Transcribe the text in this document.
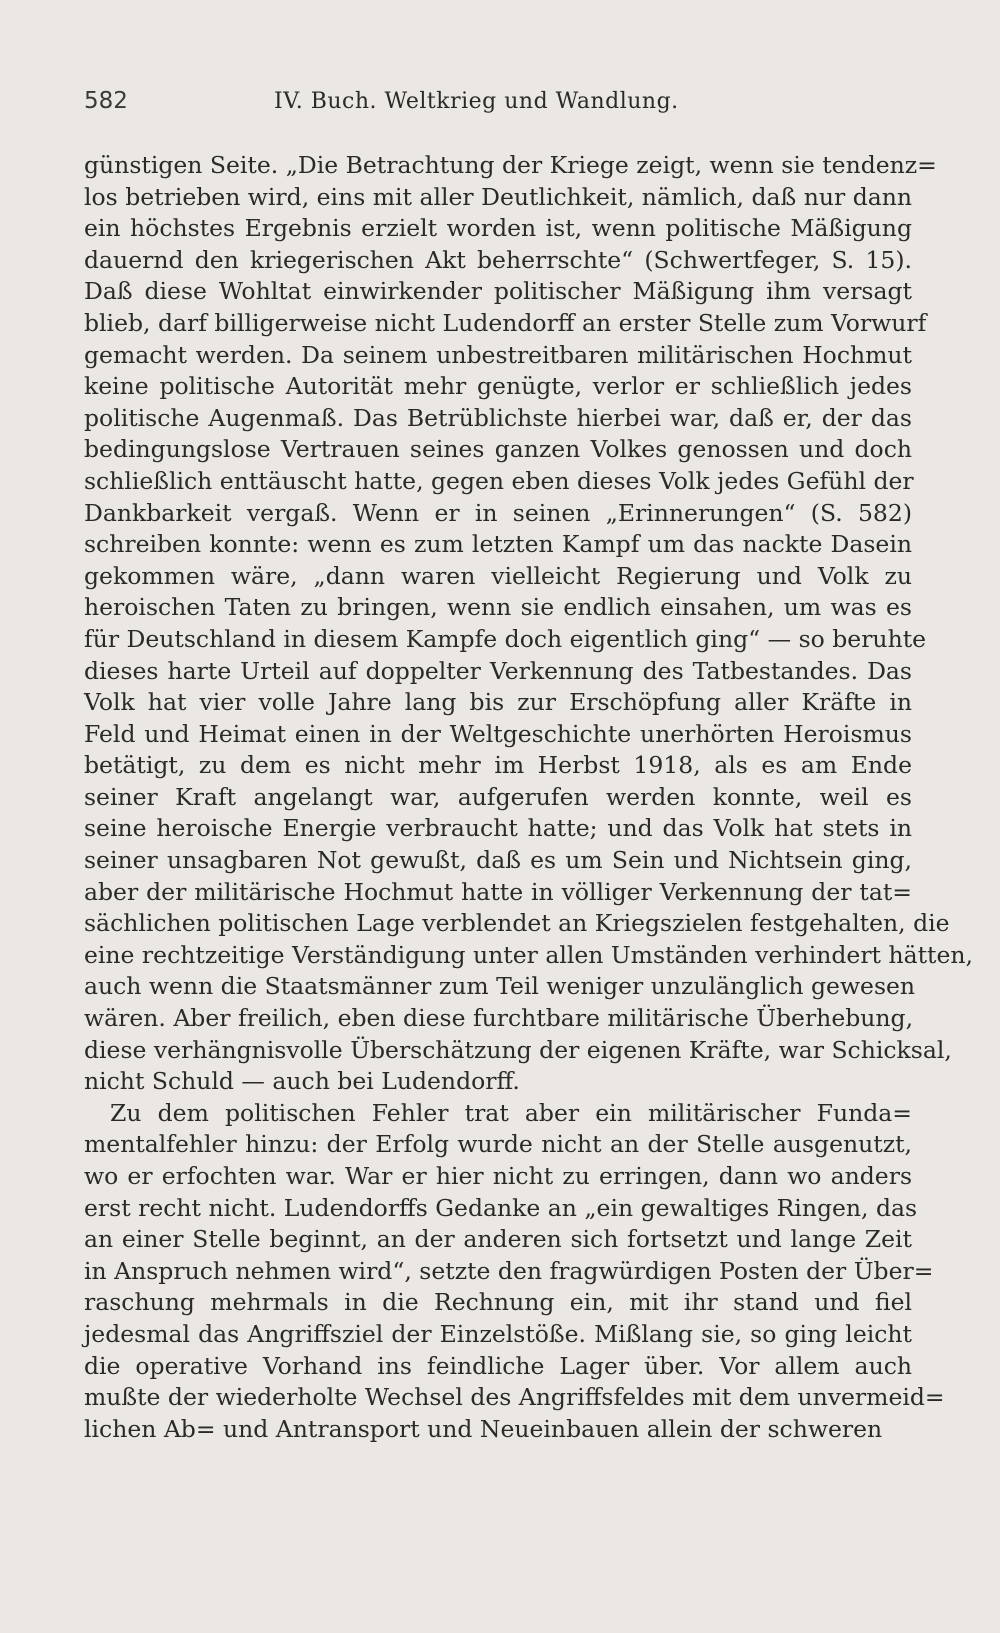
582	IV. Buch. Weltkrieg und Wandlung.
günstigen Seite. „Die Betrachtung der Kriege zeigt, wenn sie tendenz=
los betrieben wird, eins mit aller Deutlichkeit, nämlich, daß nur dann
ein höchstes Ergebnis erzielt worden ist, wenn politische Mäßigung
dauernd den kriegerischen Akt beherrschte“ (Schwertfeger, S. 15).
Daß diese Wohltat einwirkender politischer Mäßigung ihm versagt
blieb, darf billigerweise nicht Ludendorff an erster Stelle zum Vorwurf
gemacht werden. Da seinem unbestreitbaren militärischen Hochmut
keine politische Autorität mehr genügte, verlor er schließlich jedes
politische Augenmaß. Das Betrüblichste hierbei war, daß er, der das
bedingungslose Vertrauen seines ganzen Volkes genossen und doch
schließlich enttäuscht hatte, gegen eben dieses Volk jedes Gefühl der
Dankbarkeit vergaß. Wenn er in seinen „Erinnerungen“ (S. 582)
schreiben konnte: wenn es zum letzten Kampf um das nackte Dasein
gekommen wäre, „dann waren vielleicht Regierung und Volk zu
heroischen Taten zu bringen, wenn sie endlich einsahen, um was es
für Deutschland in diesem Kampfe doch eigentlich ging“ — so beruhte
dieses harte Urteil auf doppelter Verkennung des Tatbestandes. Das
Volk hat vier volle Jahre lang bis zur Erschöpfung aller Kräfte in
Feld und Heimat einen in der Weltgeschichte unerhörten Heroismus
betätigt, zu dem es nicht mehr im Herbst 1918, als es am Ende
seiner Kraft angelangt war, aufgerufen werden konnte, weil es
seine heroische Energie verbraucht hatte; und das Volk hat stets in
seiner unsagbaren Not gewußt, daß es um Sein und Nichtsein ging,
aber der militärische Hochmut hatte in völliger Verkennung der tat=
sächlichen politischen Lage verblendet an Kriegszielen festgehalten, die
eine rechtzeitige Verständigung unter allen Umständen verhindert hätten,
auch wenn die Staatsmänner zum Teil weniger unzulänglich gewesen
wären. Aber freilich, eben diese furchtbare militärische Überhebung,
diese verhängnisvolle Überschätzung der eigenen Kräfte, war Schicksal,
nicht Schuld — auch bei Ludendorff.
Zu dem politischen Fehler trat aber ein militärischer Funda=
mentalfehler hinzu: der Erfolg wurde nicht an der Stelle ausgenutzt,
wo er erfochten war. War er hier nicht zu erringen, dann wo anders
erst recht nicht. Ludendorffs Gedanke an „ein gewaltiges Ringen, das
an einer Stelle beginnt, an der anderen sich fortsetzt und lange Zeit
in Anspruch nehmen wird“, setzte den fragwürdigen Posten der Über=
raschung mehrmals in die Rechnung ein, mit ihr stand und fiel
jedesmal das Angriffsziel der Einzelstöße. Mißlang sie, so ging leicht
die operative Vorhand ins feindliche Lager über. Vor allem auch
mußte der wiederholte Wechsel des Angriffsfeldes mit dem unvermeid=
lichen Ab= und Antransport und Neueinbauen allein der schweren
